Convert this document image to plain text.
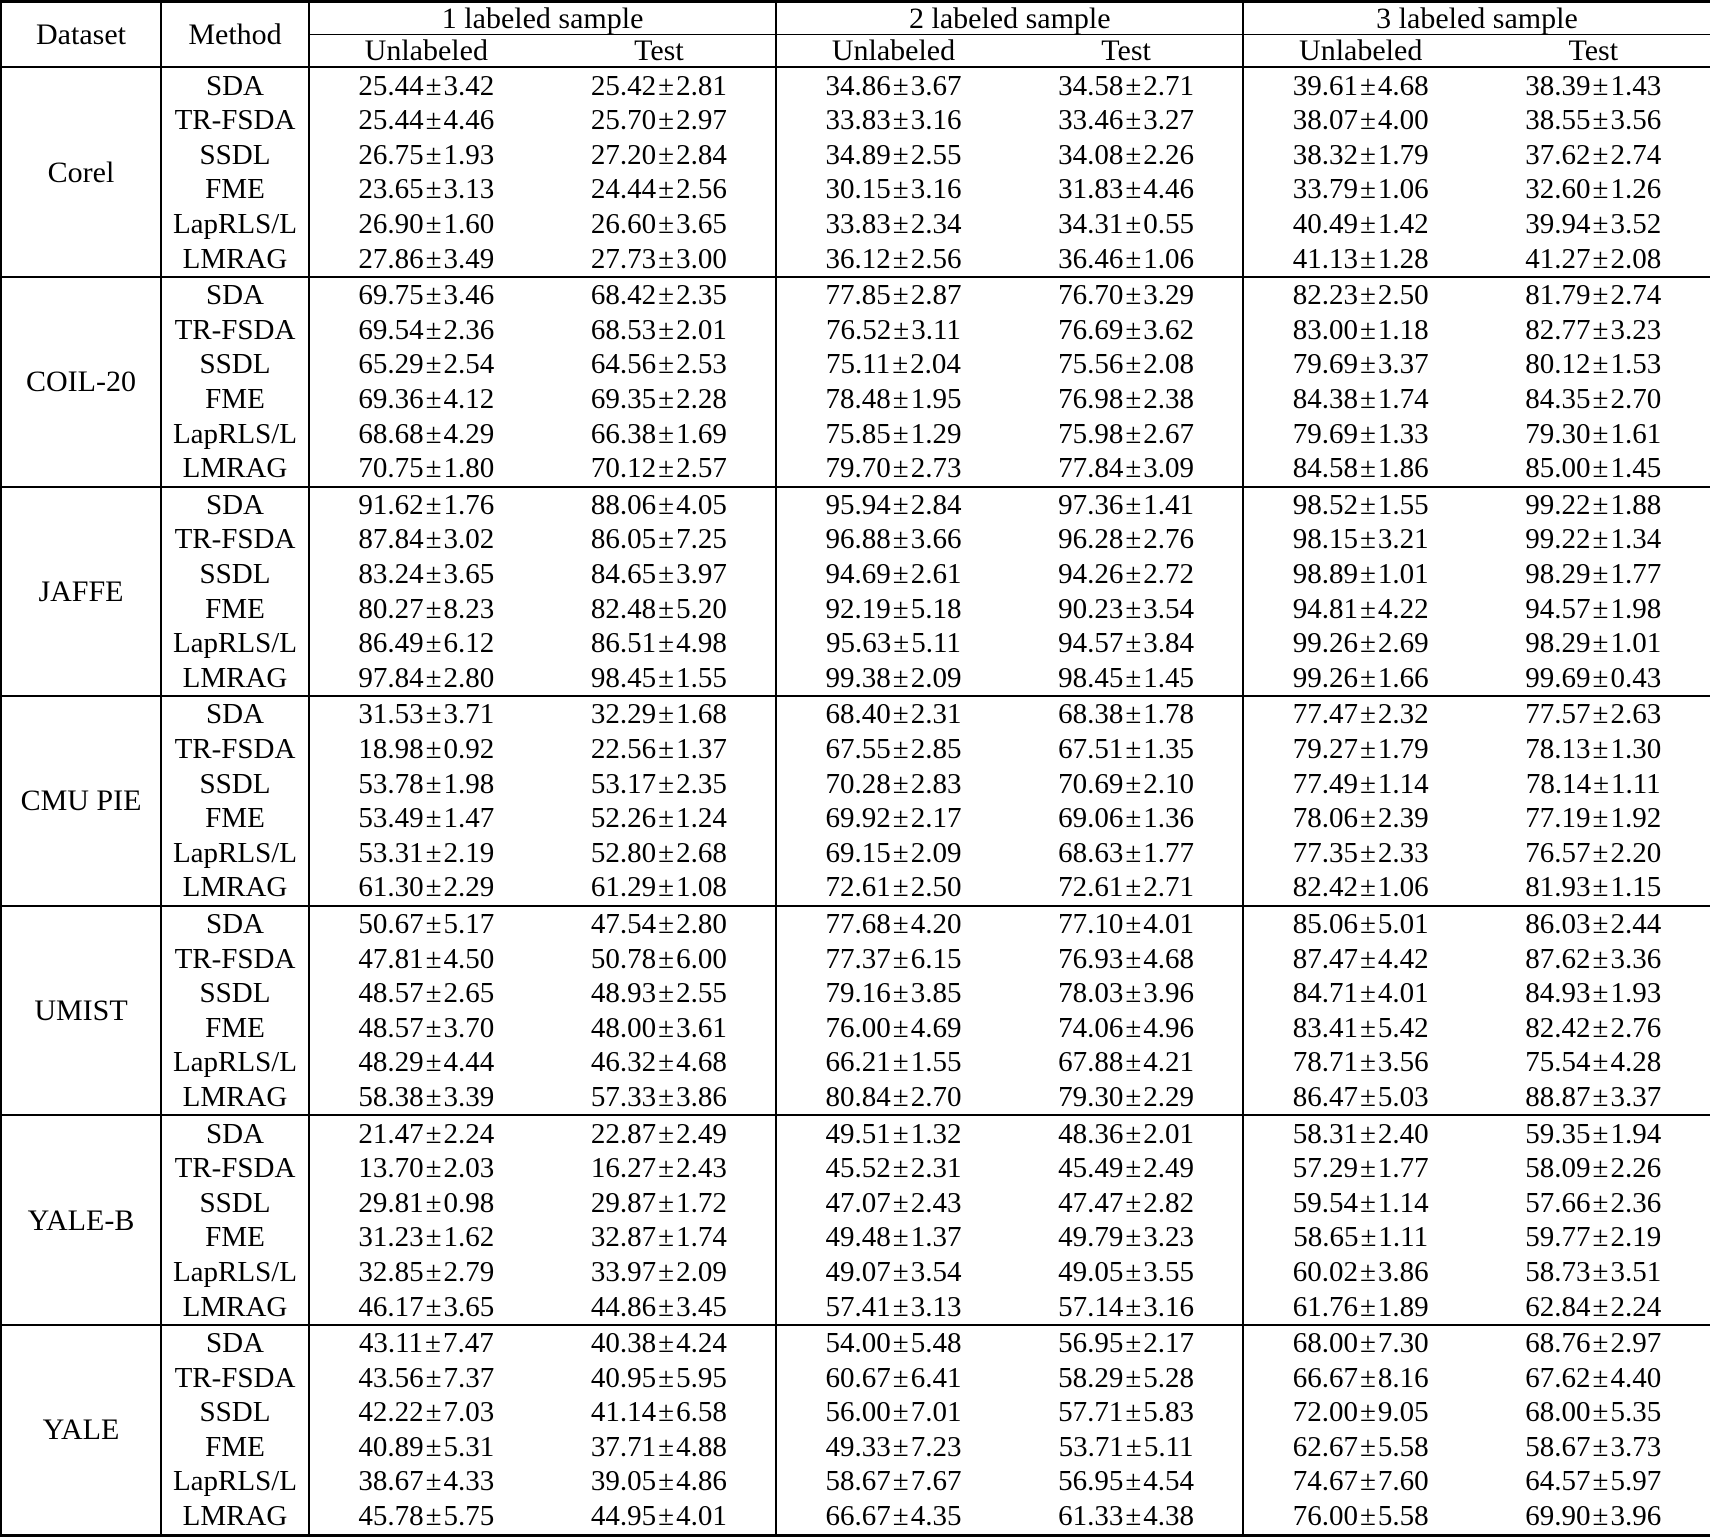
Dataset	Method	1 labeled sample		2 labeled sample		3 labeled sample	
		Unlabeled	Test	Unlabeled	Test	Unlabeled	Test
Corel	SDA	25.44±3.42	25.42±2.81	34.86±3.67	34.58±2.71	39.61±4.68	38.39±1.43
	TR-FSDA	25.44±4.46	25.70±2.97	33.83±3.16	33.46±3.27	38.07±4.00	38.55±3.56
	SSDL	26.75±1.93	27.20±2.84	34.89±2.55	34.08±2.26	38.32±1.79	37.62±2.74
	FME	23.65±3.13	24.44±2.56	30.15±3.16	31.83±4.46	33.79±1.06	32.60±1.26
	LapRLS/L	26.90±1.60	26.60±3.65	33.83±2.34	34.31±0.55	40.49±1.42	39.94±3.52
	LMRAG	27.86±3.49	27.73±3.00	36.12±2.56	36.46±1.06	41.13±1.28	41.27±2.08
COIL-20	SDA	69.75±3.46	68.42±2.35	77.85±2.87	76.70±3.29	82.23±2.50	81.79±2.74
	TR-FSDA	69.54±2.36	68.53±2.01	76.52±3.11	76.69±3.62	83.00±1.18	82.77±3.23
	SSDL	65.29±2.54	64.56±2.53	75.11±2.04	75.56±2.08	79.69±3.37	80.12±1.53
	FME	69.36±4.12	69.35±2.28	78.48±1.95	76.98±2.38	84.38±1.74	84.35±2.70
	LapRLS/L	68.68±4.29	66.38±1.69	75.85±1.29	75.98±2.67	79.69±1.33	79.30±1.61
	LMRAG	70.75±1.80	70.12±2.57	79.70±2.73	77.84±3.09	84.58±1.86	85.00±1.45
JAFFE	SDA	91.62±1.76	88.06±4.05	95.94±2.84	97.36±1.41	98.52±1.55	99.22±1.88
	TR-FSDA	87.84±3.02	86.05±7.25	96.88±3.66	96.28±2.76	98.15±3.21	99.22±1.34
	SSDL	83.24±3.65	84.65±3.97	94.69±2.61	94.26±2.72	98.89±1.01	98.29±1.77
	FME	80.27±8.23	82.48±5.20	92.19±5.18	90.23±3.54	94.81±4.22	94.57±1.98
	LapRLS/L	86.49±6.12	86.51±4.98	95.63±5.11	94.57±3.84	99.26±2.69	98.29±1.01
	LMRAG	97.84±2.80	98.45±1.55	99.38±2.09	98.45±1.45	99.26±1.66	99.69±0.43
CMU PIE	SDA	31.53±3.71	32.29±1.68	68.40±2.31	68.38±1.78	77.47±2.32	77.57±2.63
	TR-FSDA	18.98±0.92	22.56±1.37	67.55±2.85	67.51±1.35	79.27±1.79	78.13±1.30
	SSDL	53.78±1.98	53.17±2.35	70.28±2.83	70.69±2.10	77.49±1.14	78.14±1.11
	FME	53.49±1.47	52.26±1.24	69.92±2.17	69.06±1.36	78.06±2.39	77.19±1.92
	LapRLS/L	53.31±2.19	52.80±2.68	69.15±2.09	68.63±1.77	77.35±2.33	76.57±2.20
	LMRAG	61.30±2.29	61.29±1.08	72.61±2.50	72.61±2.71	82.42±1.06	81.93±1.15
UMIST	SDA	50.67±5.17	47.54±2.80	77.68±4.20	77.10±4.01	85.06±5.01	86.03±2.44
	TR-FSDA	47.81±4.50	50.78±6.00	77.37±6.15	76.93±4.68	87.47±4.42	87.62±3.36
	SSDL	48.57±2.65	48.93±2.55	79.16±3.85	78.03±3.96	84.71±4.01	84.93±1.93
	FME	48.57±3.70	48.00±3.61	76.00±4.69	74.06±4.96	83.41±5.42	82.42±2.76
	LapRLS/L	48.29±4.44	46.32±4.68	66.21±1.55	67.88±4.21	78.71±3.56	75.54±4.28
	LMRAG	58.38±3.39	57.33±3.86	80.84±2.70	79.30±2.29	86.47±5.03	88.87±3.37
YALE-B	SDA	21.47±2.24	22.87±2.49	49.51±1.32	48.36±2.01	58.31±2.40	59.35±1.94
	TR-FSDA	13.70±2.03	16.27±2.43	45.52±2.31	45.49±2.49	57.29±1.77	58.09±2.26
	SSDL	29.81±0.98	29.87±1.72	47.07±2.43	47.47±2.82	59.54±1.14	57.66±2.36
	FME	31.23±1.62	32.87±1.74	49.48±1.37	49.79±3.23	58.65±1.11	59.77±2.19
	LapRLS/L	32.85±2.79	33.97±2.09	49.07±3.54	49.05±3.55	60.02±3.86	58.73±3.51
	LMRAG	46.17±3.65	44.86±3.45	57.41±3.13	57.14±3.16	61.76±1.89	62.84±2.24
YALE	SDA	43.11±7.47	40.38±4.24	54.00±5.48	56.95±2.17	68.00±7.30	68.76±2.97
	TR-FSDA	43.56±7.37	40.95±5.95	60.67±6.41	58.29±5.28	66.67±8.16	67.62±4.40
	SSDL	42.22±7.03	41.14±6.58	56.00±7.01	57.71±5.83	72.00±9.05	68.00±5.35
	FME	40.89±5.31	37.71±4.88	49.33±7.23	53.71±5.11	62.67±5.58	58.67±3.73
	LapRLS/L	38.67±4.33	39.05±4.86	58.67±7.67	56.95±4.54	74.67±7.60	64.57±5.97
	LMRAG	45.78±5.75	44.95±4.01	66.67±4.35	61.33±4.38	76.00±5.58	69.90±3.96
